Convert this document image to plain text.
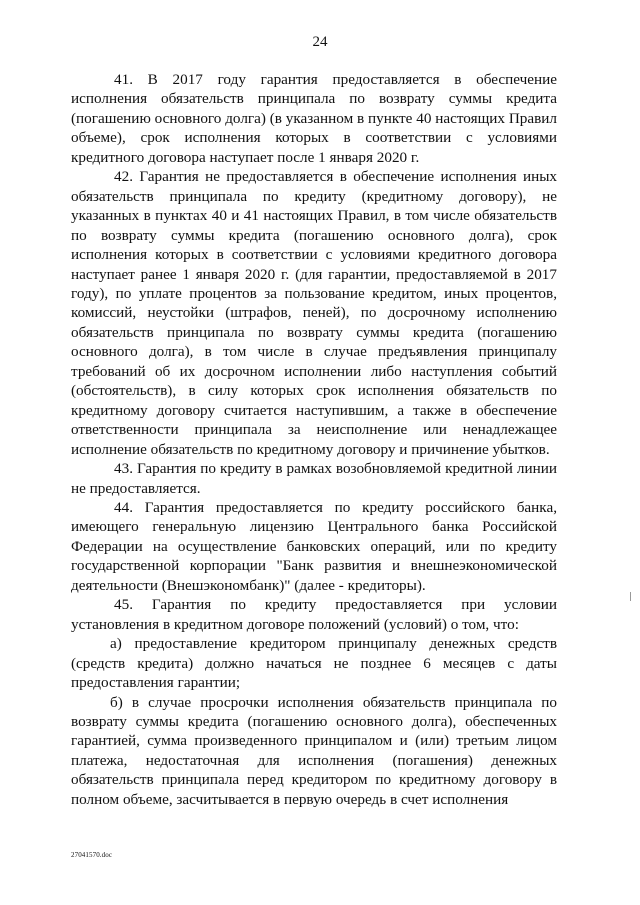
24

41. В 2017 году гарантия предоставляется в обеспечение исполнения обязательств принципала по возврату суммы кредита (погашению основного долга) (в указанном в пункте 40 настоящих Правил объеме), срок исполнения которых в соответствии с условиями кредитного договора наступает после 1 января 2020 г.

42. Гарантия не предоставляется в обеспечение исполнения иных обязательств принципала по кредиту (кредитному договору), не указанных в пунктах 40 и 41 настоящих Правил, в том числе обязательств по возврату суммы кредита (погашению основного долга), срок исполнения которых в соответствии с условиями кредитного договора наступает ранее 1 января 2020 г. (для гарантии, предоставляемой в 2017 году), по уплате процентов за пользование кредитом, иных процентов, комиссий, неустойки (штрафов, пеней), по досрочному исполнению обязательств принципала по возврату суммы кредита (погашению основного долга), в том числе в случае предъявления принципалу требований об их досрочном исполнении либо наступления событий (обстоятельств), в силу которых срок исполнения обязательств по кредитному договору считается наступившим, а также в обеспечение ответственности принципала за неисполнение или ненадлежащее исполнение обязательств по кредитному договору и причинение убытков.

43. Гарантия по кредиту в рамках возобновляемой кредитной линии не предоставляется.

44. Гарантия предоставляется по кредиту российского банка, имеющего генеральную лицензию Центрального банка Российской Федерации на осуществление банковских операций, или по кредиту государственной корпорации "Банк развития и внешнеэкономической деятельности (Внешэкономбанк)" (далее - кредиторы).

45. Гарантия по кредиту предоставляется при условии установления в кредитном договоре положений (условий) о том, что:

а) предоставление кредитором принципалу денежных средств (средств кредита) должно начаться не позднее 6 месяцев с даты предоставления гарантии;

б) в случае просрочки исполнения обязательств принципала по возврату суммы кредита (погашению основного долга), обеспеченных гарантией, сумма произведенного принципалом и (или) третьим лицом платежа, недостаточная для исполнения (погашения) денежных обязательств принципала перед кредитором по кредитному договору в полном объеме, засчитывается в первую очередь в счет исполнения

27041570.doc
